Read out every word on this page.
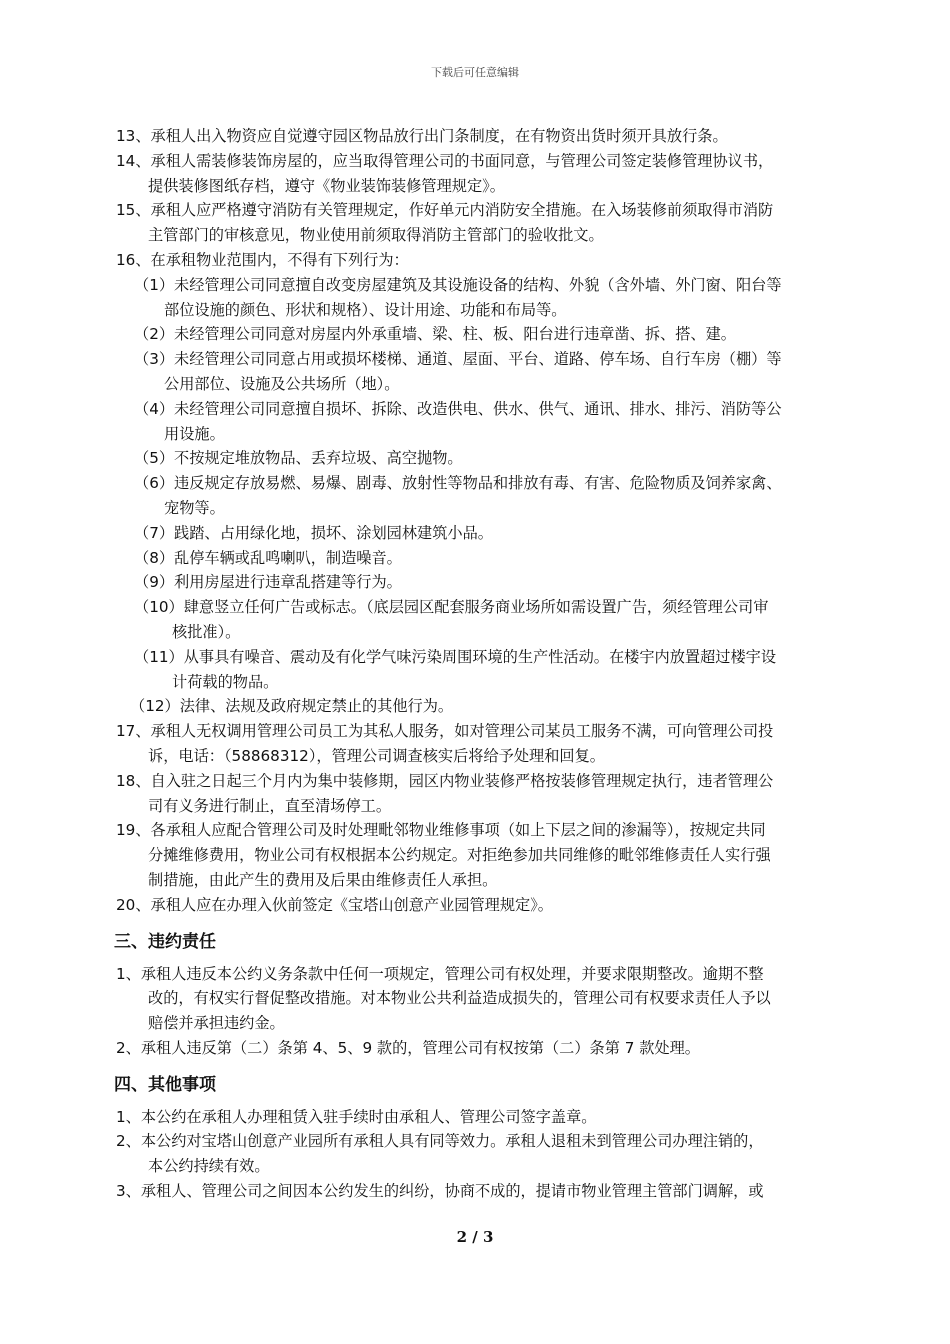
下载后可任意编辑
13、承租人出入物资应自觉遵守园区物品放行出门条制度，在有物资出货时须开具放行条。
14、承租人需装修装饰房屋的，应当取得管理公司的书面同意，与管理公司签定装修管理协议书，
提供装修图纸存档，遵守《物业装饰装修管理规定》。
15、承租人应严格遵守消防有关管理规定，作好单元内消防安全措施。在入场装修前须取得市消防
主管部门的审核意见，物业使用前须取得消防主管部门的验收批文。
16、在承租物业范围内，不得有下列行为：
（1）未经管理公司同意擅自改变房屋建筑及其设施设备的结构、外貌（含外墙、外门窗、阳台等
部位设施的颜色、形状和规格）、设计用途、功能和布局等。
（2）未经管理公司同意对房屋内外承重墙、梁、柱、板、阳台进行违章凿、拆、搭、建。
（3）未经管理公司同意占用或损坏楼梯、通道、屋面、平台、道路、停车场、自行车房（棚）等
公用部位、设施及公共场所（地）。
（4）未经管理公司同意擅自损坏、拆除、改造供电、供水、供气、通讯、排水、排污、消防等公
用设施。
（5）不按规定堆放物品、丢弃垃圾、高空抛物。
（6）违反规定存放易燃、易爆、剧毒、放射性等物品和排放有毒、有害、危险物质及饲养家禽、
宠物等。
（7）践踏、占用绿化地，损坏、涂划园林建筑小品。
（8）乱停车辆或乱鸣喇叭，制造噪音。
（9）利用房屋进行违章乱搭建等行为。
（10）肆意竖立任何广告或标志。（底层园区配套服务商业场所如需设置广告，须经管理公司审
核批准）。
（11）从事具有噪音、震动及有化学气味污染周围环境的生产性活动。在楼宇内放置超过楼宇设
计荷载的物品。
（12）法律、法规及政府规定禁止的其他行为。
17、承租人无权调用管理公司员工为其私人服务，如对管理公司某员工服务不满，可向管理公司投
诉，电话：（58868312），管理公司调查核实后将给予处理和回复。
18、自入驻之日起三个月内为集中装修期，园区内物业装修严格按装修管理规定执行，违者管理公
司有义务进行制止，直至清场停工。
19、各承租人应配合管理公司及时处理毗邻物业维修事项（如上下层之间的渗漏等），按规定共同
分摊维修费用，物业公司有权根据本公约规定。对拒绝参加共同维修的毗邻维修责任人实行强
制措施，由此产生的费用及后果由维修责任人承担。
20、承租人应在办理入伙前签定《宝塔山创意产业园管理规定》。
三、违约责任
1、承租人违反本公约义务条款中任何一项规定，管理公司有权处理，并要求限期整改。逾期不整
改的，有权实行督促整改措施。对本物业公共利益造成损失的，管理公司有权要求责任人予以
赔偿并承担违约金。
2、承租人违反第（二）条第 4、5、9 款的，管理公司有权按第（二）条第 7 款处理。
四、其他事项
1、本公约在承租人办理租赁入驻手续时由承租人、管理公司签字盖章。
2、本公约对宝塔山创意产业园所有承租人具有同等效力。承租人退租未到管理公司办理注销的，
本公约持续有效。
3、承租人、管理公司之间因本公约发生的纠纷，协商不成的，提请市物业管理主管部门调解，或
2 / 3
